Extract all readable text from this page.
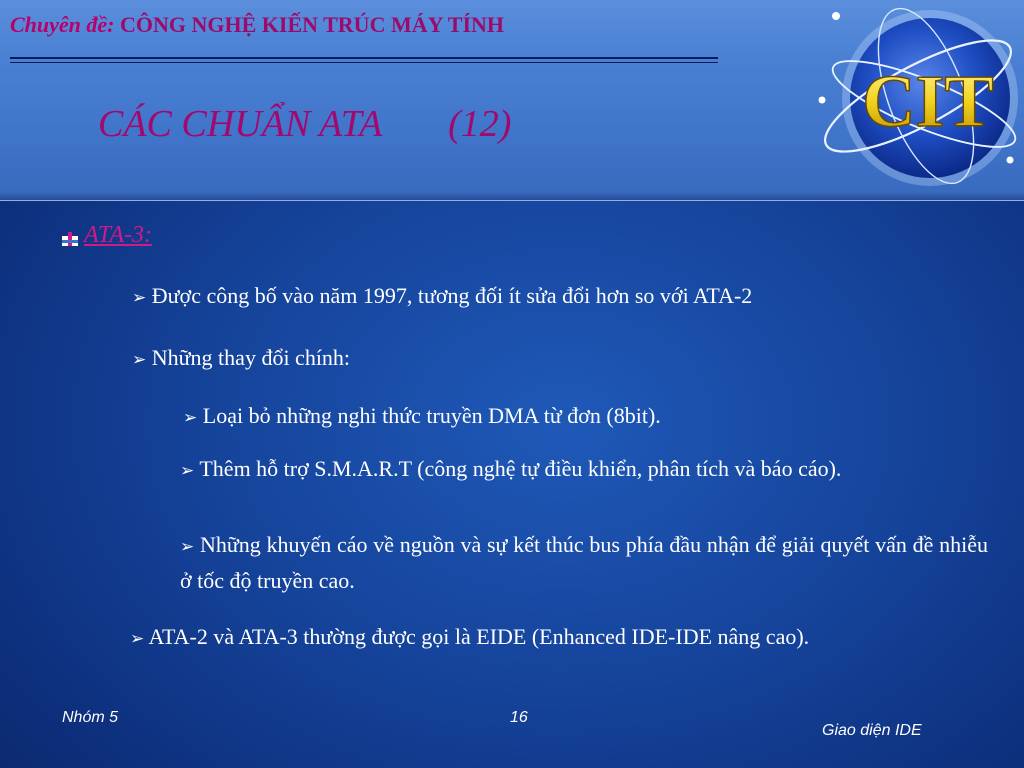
Chuyên đề: CÔNG NGHỆ KIẾN TRÚC MÁY TÍNH
CÁC CHUẨN ATA       (12)	CIT
ATA-3:
➢ Được công bố vào năm 1997, tương đối ít sửa đổi hơn so với ATA-2
➢ Những thay đổi chính:
➢ Loại bỏ những nghi thức truyền DMA từ đơn (8bit).
➢ Thêm hỗ trợ S.M.A.R.T (công nghệ tự điều khiển, phân tích và báo cáo).
➢ Những khuyến cáo về nguồn và sự kết thúc bus phía đầu nhận để giải quyết vấn đề nhiễu ở tốc độ truyền cao.
➢ ATA-2 và ATA-3 thường được gọi là EIDE (Enhanced IDE-IDE nâng cao).
Nhóm 5	16
Giao diện IDE
